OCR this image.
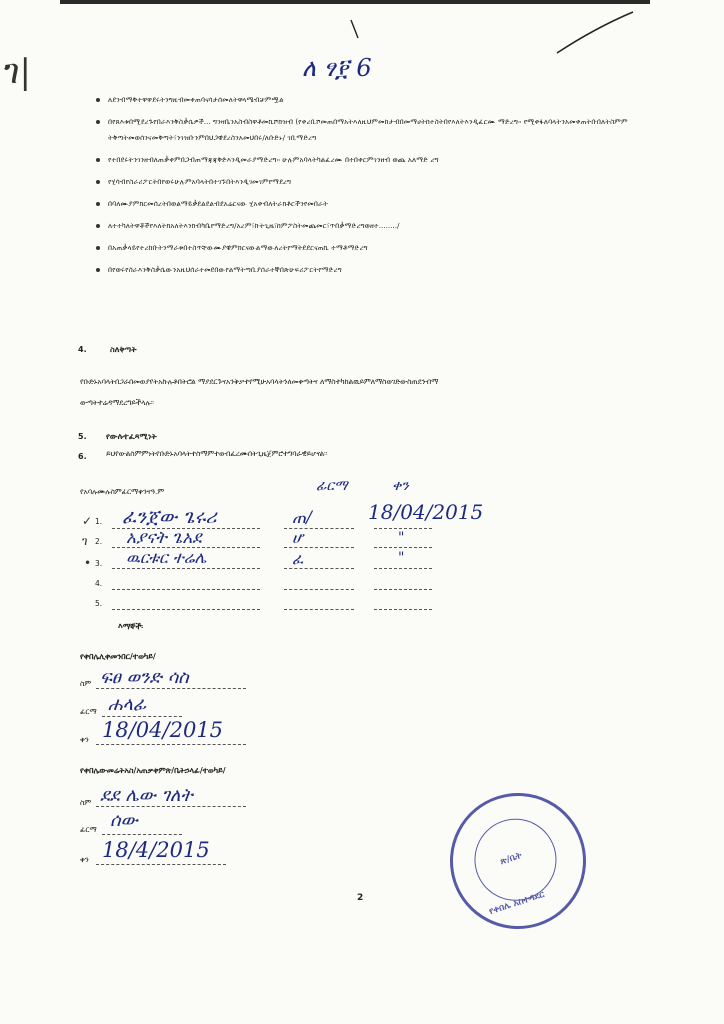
ገ|	ለ ፃ፻ 6
ለደንብማቅተዋዋደሩትንግዚብመቀጠባናሳታሰመለትዋላሜብቻምሟል
በየጸእቱበሚደረጉየበራእንቅስቃሴዎች... ግንዛቤንአስብስዋቶመኪሾክዝብ (የቀረቢሾመጠበማአትእለዚህምመከታብበመማሀትከተስትበየእለትእንዲፈርሙ ማድረግ፡፡ የሚቀፋለባላትንአመቀጠትቡበለትስምም ትቅጣትመወሰንናመቅጣት፣ንገዝቡንምበህጋዊደረስንአመህበሩ/ለቡድኑ/ ገቢማድረግ
የተበደሩትንገንዘብለጠቃቀምበጋብጠማጃጃቅድእንዲመራያማድረግ፡፡ ሁሉምአባላትካልፈረሙ በተበቀርምገንዘብ ወጨ አለማድ ረግ
የሂሳብየስራሪፖርትበየወሩሁሉምአባላትበተገኙበትእንዲገመገምየማደረግ
በባለሙያምክርመሰረትበወልማይቃደልደልብደአሬርናው ሂአቀብለትራክቶርችንየመበራት
ለተተካለትዋቾችየእለትክአለትእንክብካቤየማድረግ/አረም፣ኩትጊዜ፣ከምፖስትመጨመር፣ጥበቃማድረግወዘተ......../
በአጠቃላይየተረከቡትንማራቱበተስጥቸውሙያዊምክርናውልማውለረትየማትደደርናጠኪ ተማቶማድረግ
በየወሩየስራእንቅስቃሴውንአዚህሰራተመደበውየልማትጣቢያሰራተኞበጽሁፍሪፖርትየማድረግ
4.	ስለቅጣት
የቡድኑአባላትበጋራበመወያየትአኩሉቶበትሮል ማያደርጉናአንቅቃተየሚሁአባላትንለመቀጣትና ለማስተካከልዉይምለማስወገድውስጠደንብማ
ውጣትተሬዳማደረግይችላሉ፡፡
5. የውሉተፈጻሚነት
6.	ይህየውልስምምነትየቡድኑአባላትተስማምተውበፈረሙበትጊዜጀምሮተግባራዊይሆናል፡፡
የአባሉሙሉስምፊርማቀንናዓ.ም	ፊርማ	ቀን
✓ 1. ፈንጀው ጌሩሪ	ጠ/	18/04/2015
ገ 2. አያናት ጌአደ	ሆ	"
• 3. ዉርቱር ተሬሌ	ፈ	"
4.
5.
እማኞች፡
የቀበሌሊቀመንበር/ተወካይ/
ስም ፍፀ ወንድ ሳስ
ፊርማ ሐላፊ
ቀን 18/04/2015
የቀበሌውመሬትአስ/አጠቃቀምጽ/ቤትኃላፊ/ተወካይ/
ስም ደደ ሌው ገለት
ፊርማ ሰው
ቀን 18/4/2015
2	የቀበሌ አስተዳደር
ጽ/ቤት
